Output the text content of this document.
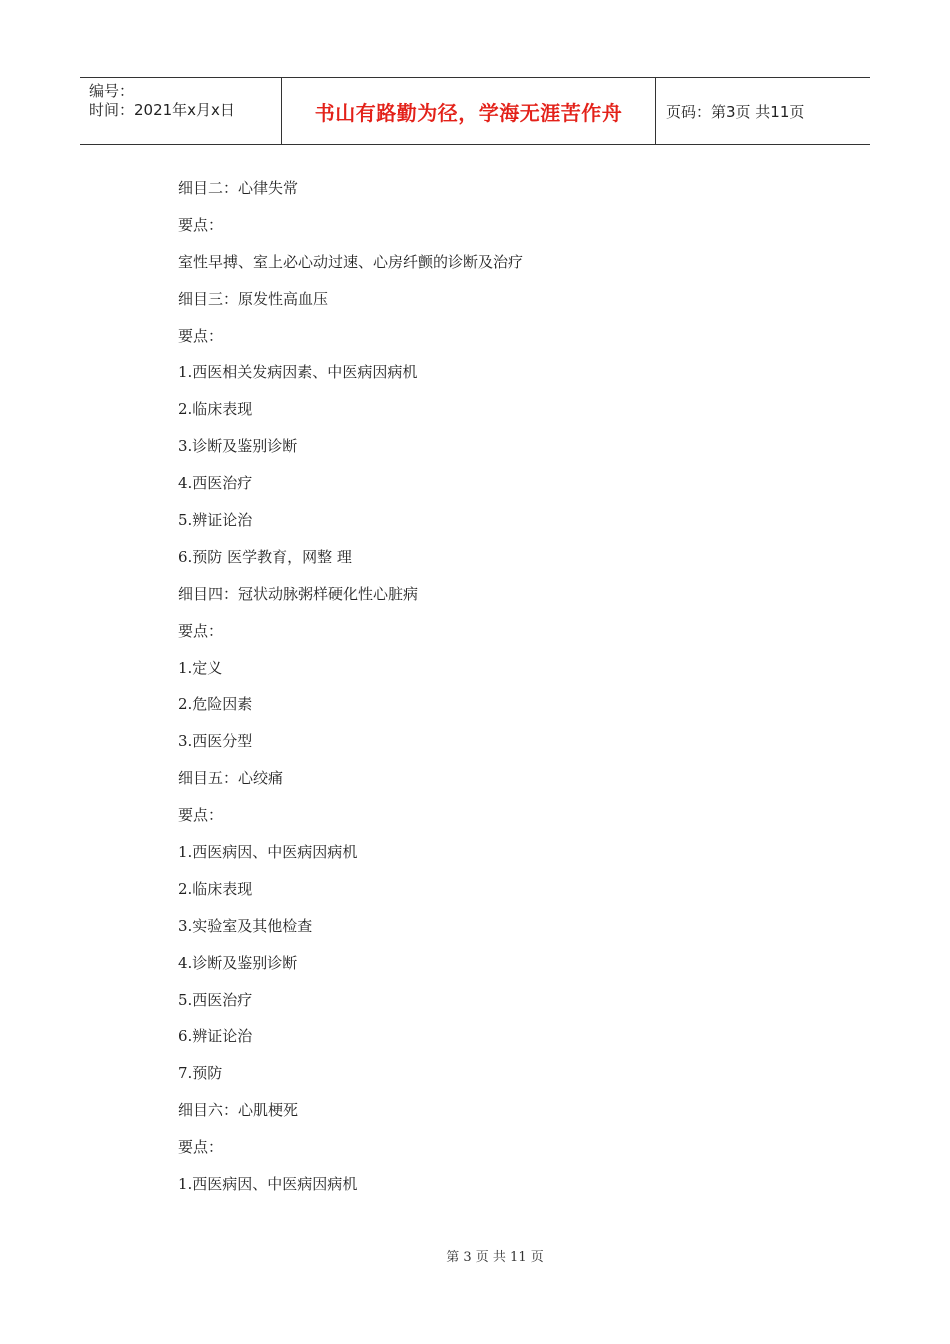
编号：
时间：2021年x月x日	书山有路勤为径，学海无涯苦作舟	页码：第3页 共11页
细目二：心律失常
要点：
室性早搏、室上必心动过速、心房纤颤的诊断及治疗
细目三：原发性高血压
要点：
1.西医相关发病因素、中医病因病机
2.临床表现
3.诊断及鉴别诊断
4.西医治疗
5.辨证论治
6.预防 医学教育，网整 理
细目四：冠状动脉粥样硬化性心脏病
要点：
1.定义
2.危险因素
3.西医分型
细目五：心绞痛
要点：
1.西医病因、中医病因病机
2.临床表现
3.实验室及其他检查
4.诊断及鉴别诊断
5.西医治疗
6.辨证论治
7.预防
细目六：心肌梗死
要点：
1.西医病因、中医病因病机
第 3 页 共 11 页
